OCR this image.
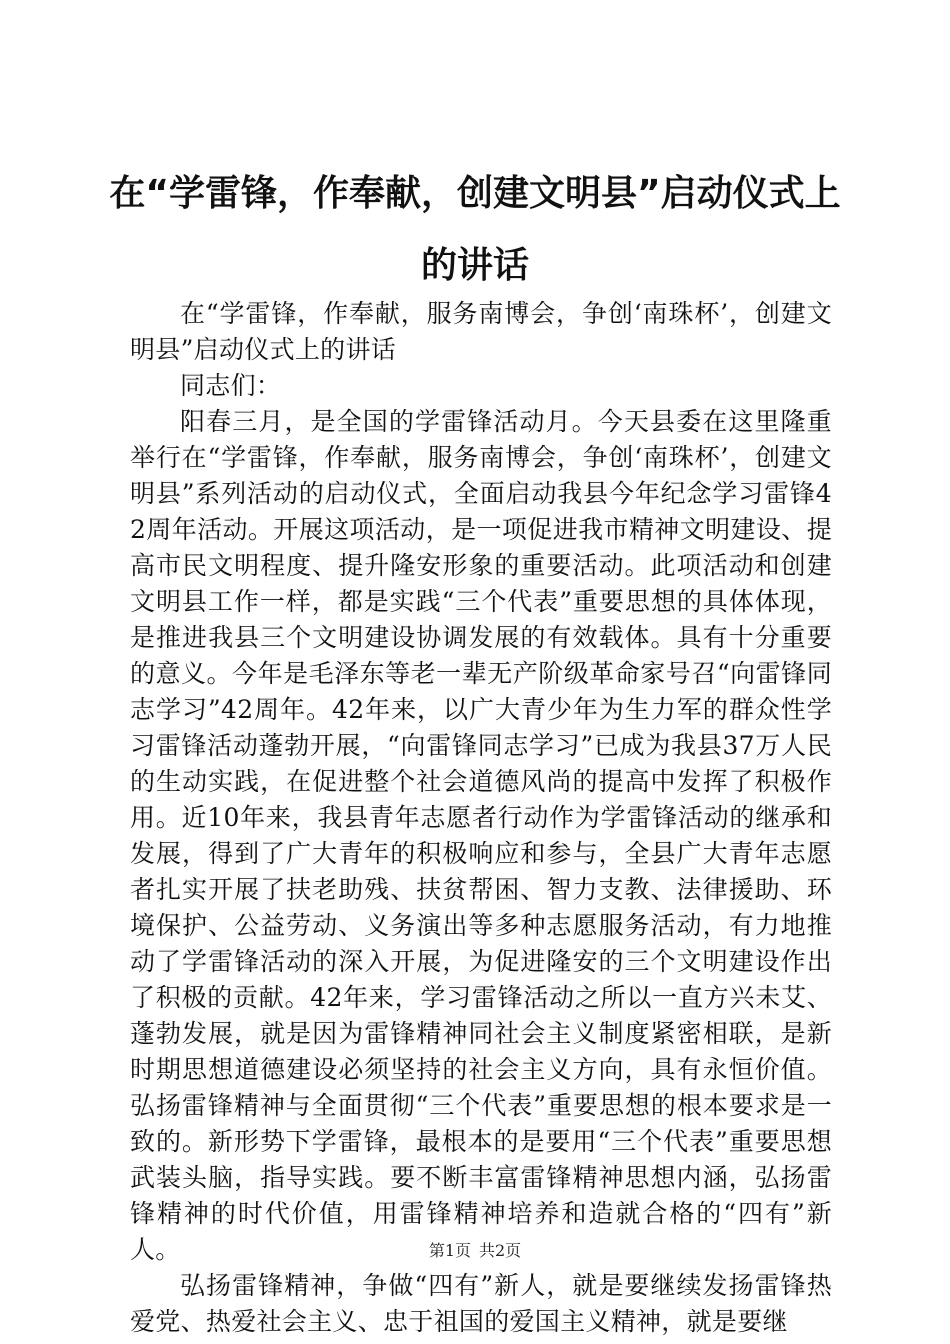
在“学雷锋，作奉献，创建文明县”启动仪式上的讲话

在“学雷锋，作奉献，服务南博会，争创‘南珠杯’，创建文明县”启动仪式上的讲话

同志们：

阳春三月，是全国的学雷锋活动月。今天县委在这里隆重举行在“学雷锋，作奉献，服务南博会，争创‘南珠杯’，创建文明县”系列活动的启动仪式，全面启动我县今年纪念学习雷锋42周年活动。开展这项活动，是一项促进我市精神文明建设、提高市民文明程度、提升隆安形象的重要活动。此项活动和创建文明县工作一样，都是实践“三个代表”重要思想的具体体现，是推进我县三个文明建设协调发展的有效载体。具有十分重要的意义。今年是毛泽东等老一辈无产阶级革命家号召“向雷锋同志学习”42周年。42年来，以广大青少年为生力军的群众性学习雷锋活动蓬勃开展，“向雷锋同志学习”已成为我县37万人民的生动实践，在促进整个社会道德风尚的提高中发挥了积极作用。近10年来，我县青年志愿者行动作为学雷锋活动的继承和发展，得到了广大青年的积极响应和参与，全县广大青年志愿者扎实开展了扶老助残、扶贫帮困、智力支教、法律援助、环境保护、公益劳动、义务演出等多种志愿服务活动，有力地推动了学雷锋活动的深入开展，为促进隆安的三个文明建设作出了积极的贡献。42年来，学习雷锋活动之所以一直方兴未艾、蓬勃发展，就是因为雷锋精神同社会主义制度紧密相联，是新时期思想道德建设必须坚持的社会主义方向，具有永恒价值。弘扬雷锋精神与全面贯彻“三个代表”重要思想的根本要求是一致的。新形势下学雷锋，最根本的是要用“三个代表”重要思想武装头脑，指导实践。要不断丰富雷锋精神思想内涵，弘扬雷锋精神的时代价值，用雷锋精神培养和造就合格的“四有”新人。

弘扬雷锋精神，争做“四有”新人，就是要继续发扬雷锋热爱党、热爱社会主义、忠于祖国的爱国主义精神，就是要继

第1页 共2页
